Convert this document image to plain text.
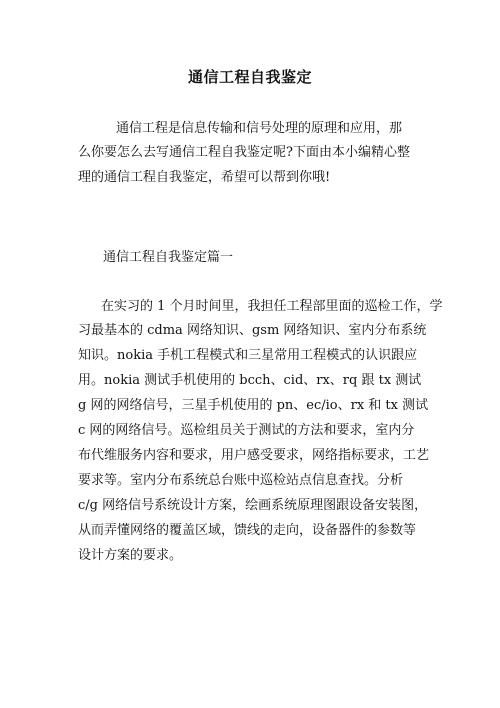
通信工程自我鉴定
通信工程是信息传输和信号处理的原理和应用，那
么你要怎么去写通信工程自我鉴定呢?下面由本小编精心整
理的通信工程自我鉴定，希望可以帮到你哦!
通信工程自我鉴定篇一
在实习的 1 个月时间里，我担任工程部里面的巡检工作，学
习最基本的 cdma 网络知识、gsm 网络知识、室内分布系统
知识。nokia 手机工程模式和三星常用工程模式的认识跟应
用。nokia 测试手机使用的 bcch、cid、rx、rq 跟 tx 测试
g 网的网络信号，三星手机使用的 pn、ec/io、rx 和 tx 测试
c 网的网络信号。巡检组员关于测试的方法和要求，室内分
布代维服务内容和要求，用户感受要求，网络指标要求，工艺
要求等。室内分布系统总台账中巡检站点信息查找。分析
c/g 网络信号系统设计方案，绘画系统原理图跟设备安装图，
从而弄懂网络的覆盖区域，馈线的走向，设备器件的参数等
设计方案的要求。
